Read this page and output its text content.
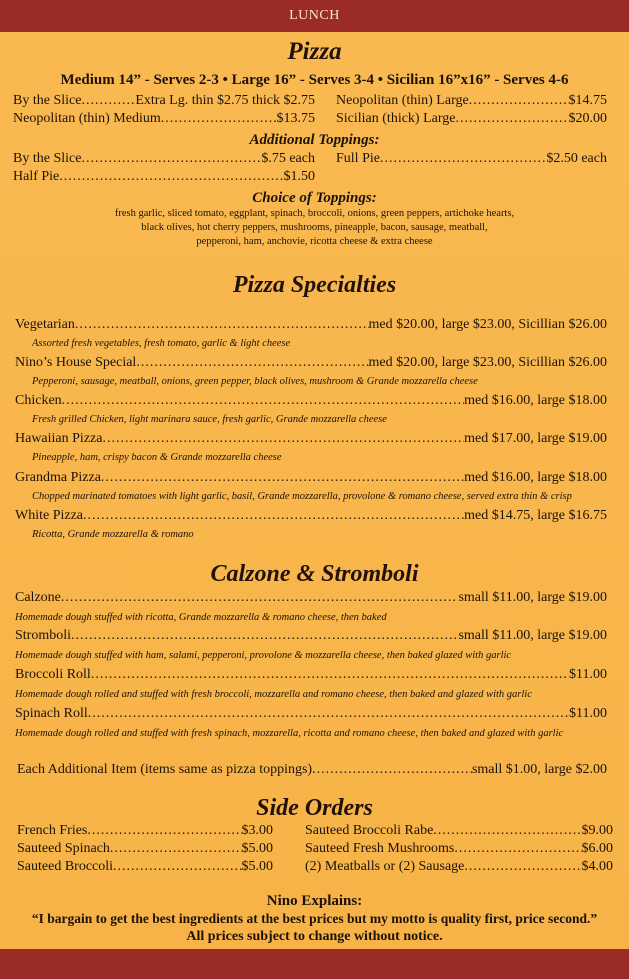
LUNCH
Pizza
Medium 14” - Serves 2-3 • Large 16” - Serves 3-4 • Sicilian 16”x16” - Serves 4-6
By the Slice .....	Extra Lg. thin $2.75 thick $2.75
Neopolitan (thin) Medium .....	$13.75
Neopolitan (thin) Large .....	$14.75
Sicilian (thick) Large .....	$20.00
Additional Toppings:
By the Slice .....	$.75 each
Half Pie .....	$1.50
Full Pie .....	$2.50 each
Choice of Toppings:
fresh garlic, sliced tomato, eggplant, spinach, broccoli, onions, green peppers, artichoke hearts,
black olives, hot cherry peppers, mushrooms, pineapple, bacon, sausage, meatball,
pepperoni, ham, anchovie, ricotta cheese & extra cheese
Pizza Specialties
Vegetarian .....	med $20.00, large $23.00, Sicillian $26.00
Assorted fresh vegetables, fresh tomato, garlic & light cheese
Nino’s House Special .....	med $20.00, large $23.00, Sicillian $26.00
Pepperoni, sausage, meatball, onions, green pepper, black olives, mushroom & Grande mozzarella cheese
Chicken .....	med $16.00, large $18.00
Fresh grilled Chicken, light marinara sauce, fresh garlic, Grande mozzarella cheese
Hawaiian Pizza .....	med $17.00, large $19.00
Pineapple, ham, crispy bacon & Grande mozzarella cheese
Grandma Pizza .....	med $16.00, large $18.00
Chopped marinated tomatoes with light garlic, basil, Grande mozzarella, provolone & romano cheese, served extra thin & crisp
White Pizza .....	med $14.75, large $16.75
Ricotta, Grande mozzarella & romano
Calzone & Stromboli
Calzone .....	small $11.00, large $19.00
Homemade dough stuffed with ricotta, Grande mozzarella & romano cheese, then baked
Stromboli .....	small $11.00, large $19.00
Homemade dough stuffed with ham, salami, pepperoni, provolone & mozzarella cheese, then baked glazed with garlic
Broccoli Roll .....	$11.00
Homemade dough rolled and stuffed with fresh broccoli, mozzarella and romano cheese, then baked and glazed with garlic
Spinach Roll .....	$11.00
Homemade dough rolled and stuffed with fresh spinach, mozzarella, ricotta and romano cheese, then baked and glazed with garlic
Each Additional Item (items same as pizza toppings) .....	small $1.00, large $2.00
Side Orders
French Fries .....	$3.00
Sauteed Spinach .....	$5.00
Sauteed Broccoli .....	$5.00
Sauteed Broccoli Rabe .....	$9.00
Sauteed Fresh Mushrooms .....	$6.00
(2) Meatballs or (2) Sausage .....	$4.00
Nino Explains:
“I bargain to get the best ingredients at the best prices but my motto is quality first, price second.”
All prices subject to change without notice.
